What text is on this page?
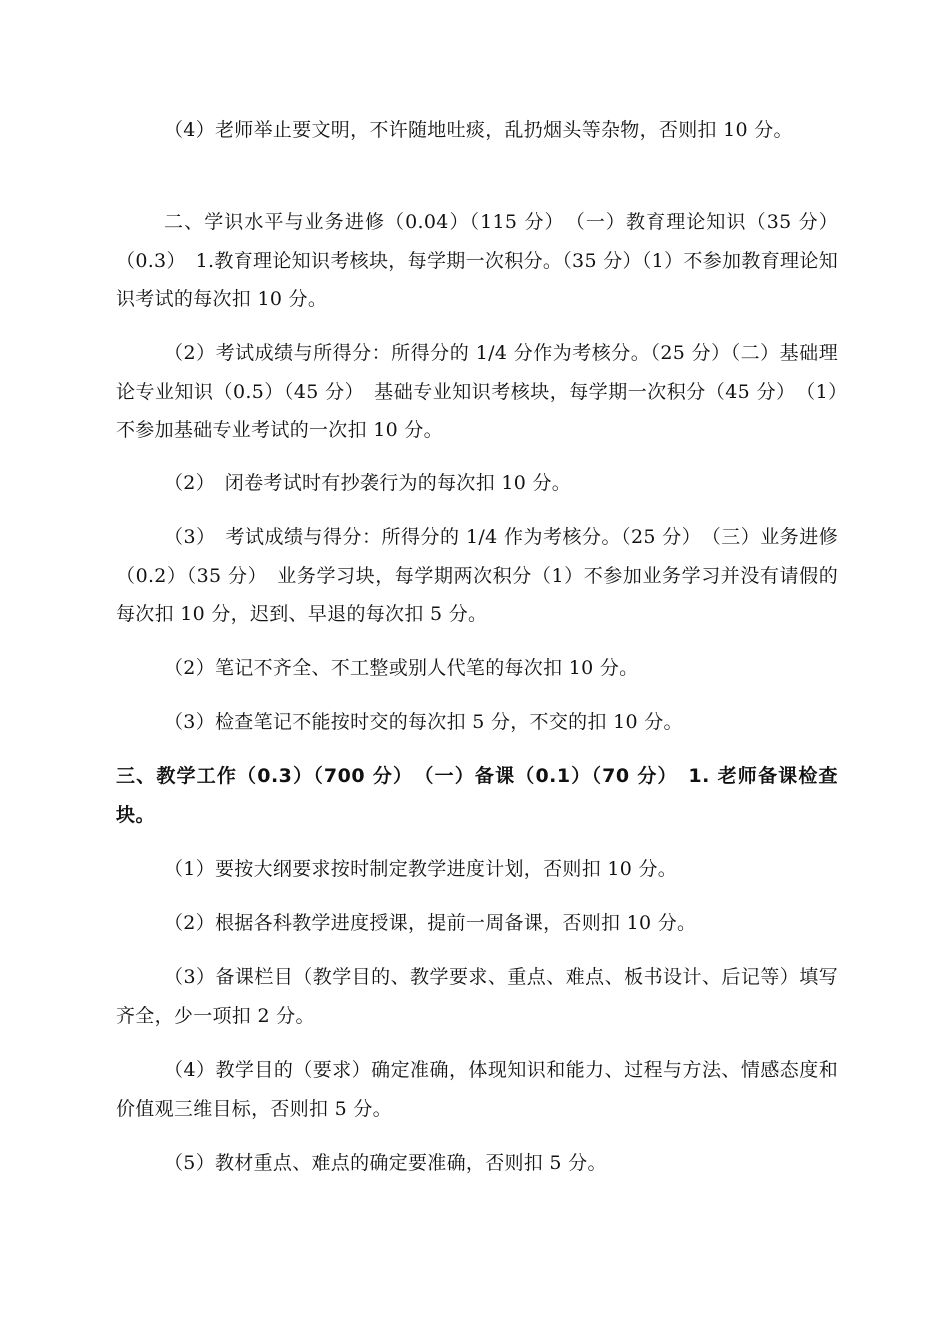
（4）老师举止要文明，不许随地吐痰，乱扔烟头等杂物，否则扣 10 分。

二、学识水平与业务进修（0.04）（115 分）　（一）教育理论知识（35 分）（0.3）　1.教育理论知识考核块，每学期一次积分。（35 分）（1）不参加教育理论知识考试的每次扣 10 分。

（2）考试成绩与所得分：所得分的 1/4 分作为考核分。（25 分）（二）基础理论专业知识（0.5）（45 分）　基础专业知识考核块，每学期一次积分（45 分）　（1）　不参加基础专业考试的一次扣 10 分。

（2）　闭卷考试时有抄袭行为的每次扣 10 分。

（3）　考试成绩与得分：所得分的 1/4 作为考核分。（25 分）　（三）业务进修（0.2）（35 分）　业务学习块，每学期两次积分（1）不参加业务学习并没有请假的每次扣 10 分，迟到、早退的每次扣 5 分。

（2）笔记不齐全、不工整或别人代笔的每次扣 10 分。

（3）检查笔记不能按时交的每次扣 5 分，不交的扣 10 分。

三、教学工作（0.3）（700 分）　（一）备课（0.1）（70 分）　1. 老师备课检查块。

（1）要按大纲要求按时制定教学进度计划，否则扣 10 分。

（2）根据各科教学进度授课，提前一周备课，否则扣 10 分。

（3）备课栏目（教学目的、教学要求、重点、难点、板书设计、后记等）填写齐全，少一项扣 2 分。

（4）教学目的（要求）确定准确，体现知识和能力、过程与方法、情感态度和价值观三维目标，否则扣 5 分。

（5）教材重点、难点的确定要准确，否则扣 5 分。
